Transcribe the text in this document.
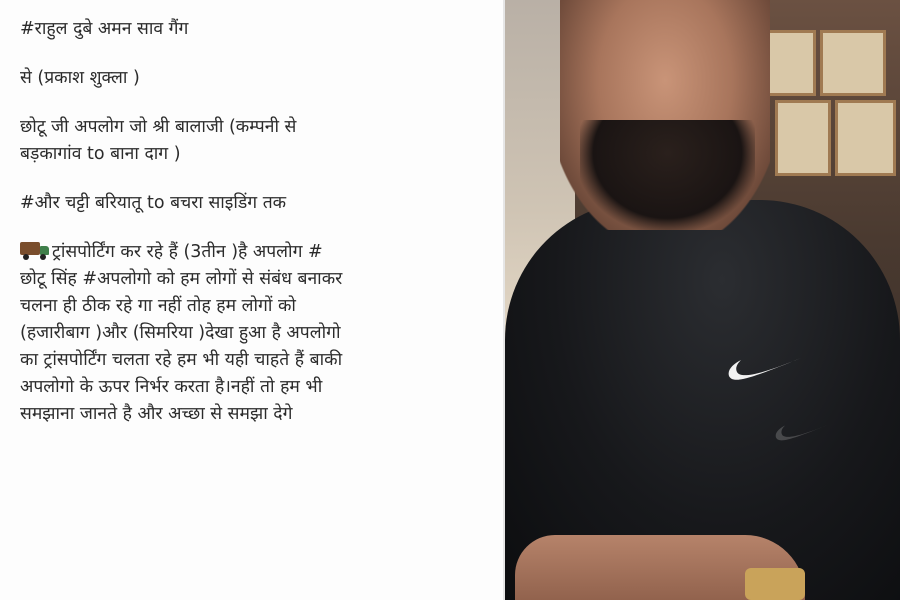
#राहुल दुबे अमन साव गैंग

से (प्रकाश शुक्ला )

छोटू जी अपलोग जो श्री बालाजी (कम्पनी से
बड़कागांव to बाना दाग )

#और चट्टी बरियातू to बचरा साइडिंग तक

ट्रांसपोर्टिंग कर रहे हैं (3तीन )है अपलोग #
छोटू सिंह #अपलोगो को हम लोगों से संबंध बनाकर
चलना ही ठीक रहे गा नहीं तोह हम लोगों को
(हजारीबाग )और (सिमरिया )देखा हुआ है अपलोगो
का ट्रांसपोर्टिंग चलता रहे हम भी यही चाहते हैं बाकी
अपलोगो के ऊपर निर्भर करता है।नहीं तो हम भी
समझाना जानते है और अच्छा से समझा देगे
